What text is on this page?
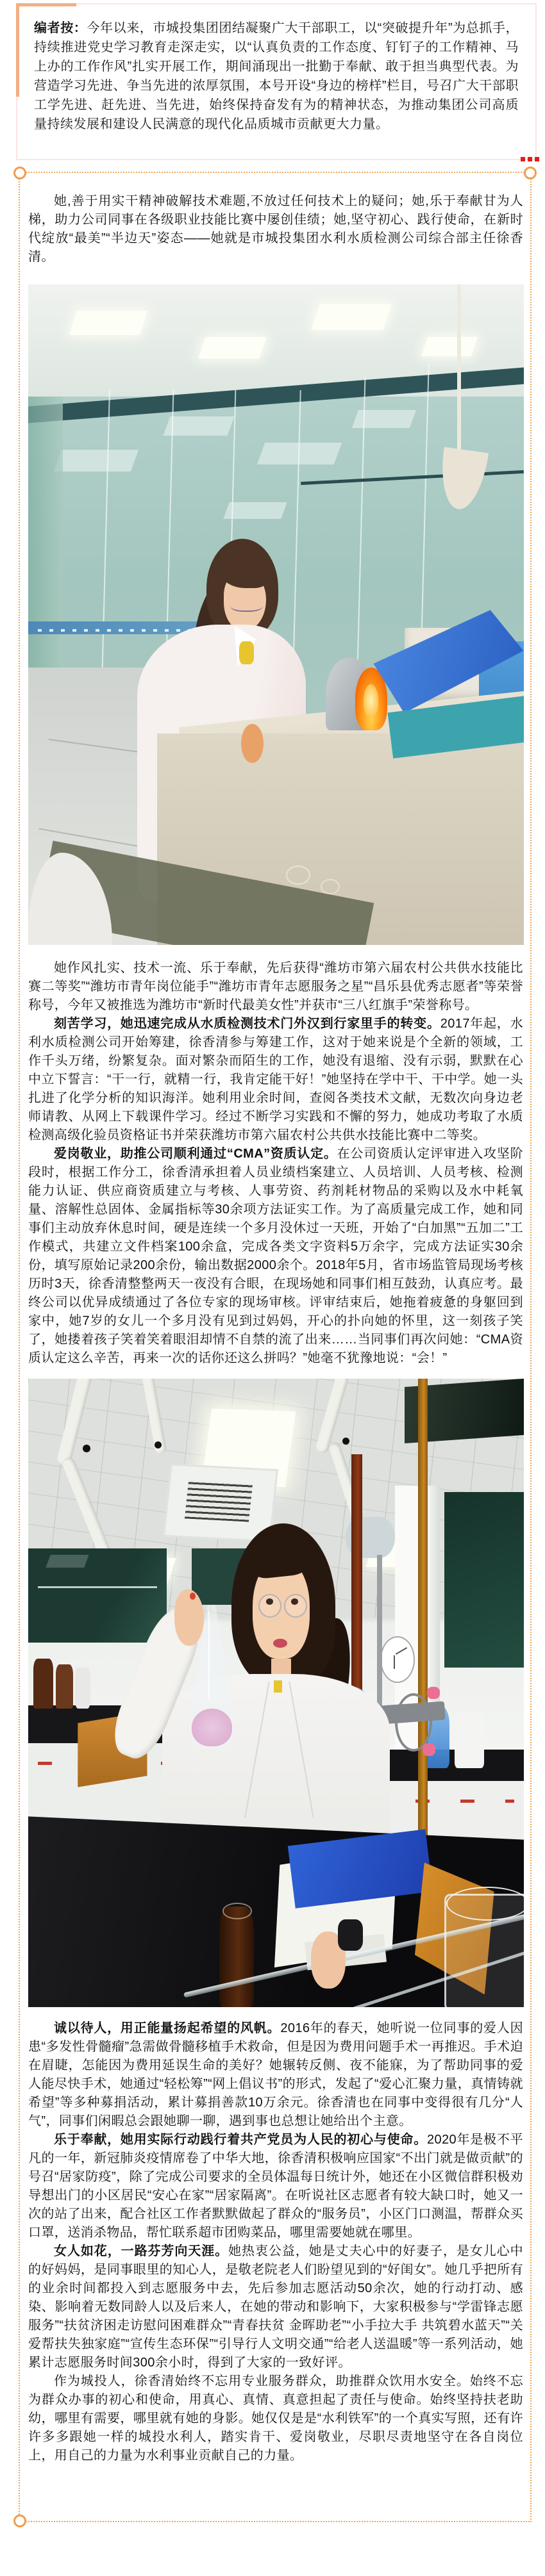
编者按：今年以来，市城投集团团结凝聚广大干部职工，以“突破提升年”为总抓手，持续推进党史学习教育走深走实，以“认真负责的工作态度、钉钉子的工作精神、马上办的工作作风”扎实开展工作，期间涌现出一批勤于奉献、敢于担当典型代表。为营造学习先进、争当先进的浓厚氛围，本号开设“身边的榜样”栏目，号召广大干部职工学先进、赶先进、当先进，始终保持奋发有为的精神状态，为推动集团公司高质量持续发展和建设人民满意的现代化品质城市贡献更大力量。

她,善于用实干精神破解技术难题,不放过任何技术上的疑问；她,乐于奉献甘为人梯，助力公司同事在各级职业技能比赛中屡创佳绩；她,坚守初心、践行使命，在新时代绽放“最美”“半边天”姿态——她就是市城投集团水利水质检测公司综合部主任徐香清。

她作风扎实、技术一流、乐于奉献，先后获得“潍坊市第六届农村公共供水技能比赛二等奖”“潍坊市青年岗位能手”“潍坊市青年志愿服务之星”“昌乐县优秀志愿者”等荣誉称号，今年又被推选为潍坊市“新时代最美女性”并获市“三八红旗手”荣誉称号。

刻苦学习，她迅速完成从水质检测技术门外汉到行家里手的转变。2017年起，水利水质检测公司开始筹建，徐香清参与筹建工作，这对于她来说是个全新的领域，工作千头万绪，纷繁复杂。面对繁杂而陌生的工作，她没有退缩、没有示弱，默默在心中立下誓言：“干一行，就精一行，我肯定能干好！”她坚持在学中干、干中学。她一头扎进了化学分析的知识海洋。她利用业余时间，查阅各类技术文献，无数次向身边老师请教、从网上下载课件学习。经过不断学习实践和不懈的努力，她成功考取了水质检测高级化验员资格证书并荣获潍坊市第六届农村公共供水技能比赛中二等奖。

爱岗敬业，助推公司顺利通过“CMA”资质认定。在公司资质认定评审进入攻坚阶段时，根据工作分工，徐香清承担着人员业绩档案建立、人员培训、人员考核、检测能力认证、供应商资质建立与考核、人事劳资、药剂耗材物品的采购以及水中耗氧量、溶解性总固体、金属指标等30余项方法证实工作。为了高质量完成工作，她和同事们主动放弃休息时间，硬是连续一个多月没休过一天班，开始了“白加黑”“五加二”工作模式，共建立文件档案100余盒，完成各类文字资料5万余字，完成方法证实30余份，填写原始记录200余份，输出数据2000余个。2018年5月，省市场监管局现场考核历时3天，徐香清整整两天一夜没有合眼，在现场她和同事们相互鼓劲，认真应考。最终公司以优异成绩通过了各位专家的现场审核。评审结束后，她拖着疲惫的身躯回到家中，她7岁的女儿一个多月没有见到过妈妈，开心的扑向她的怀里，这一刻孩子笑了，她搂着孩子笑着笑着眼泪却情不自禁的流了出来……当同事们再次问她：“CMA资质认定这么辛苦，再来一次的话你还这么拼吗？”她毫不犹豫地说：“会！”

诚以待人，用正能量扬起希望的风帆。2016年的春天，她听说一位同事的爱人因患“多发性骨髓瘤”急需做骨髓移植手术救命，但是因为费用问题手术一再推迟。手术迫在眉睫，怎能因为费用延误生命的美好？她辗转反侧、夜不能寐，为了帮助同事的爱人能尽快手术，她通过“轻松筹”“网上倡议书”的形式，发起了“爱心汇聚力量，真情铸就希望”等多种募捐活动，累计募捐善款10万余元。徐香清也在同事中变得很有几分“人气”，同事们闲暇总会跟她聊一聊，遇到事也总想让她给出个主意。

乐于奉献，她用实际行动践行着共产党员为人民的初心与使命。2020年是极不平凡的一年，新冠肺炎疫情席卷了中华大地，徐香清积极响应国家“不出门就是做贡献”的号召“居家防疫”，除了完成公司要求的全员体温每日统计外，她还在小区微信群积极劝导想出门的小区居民“安心在家”“居家隔离”。在听说社区志愿者有较大缺口时，她又一次的站了出来，配合社区工作者默默做起了群众的“服务员”，小区门口测温，帮群众买口罩，送消杀物品，帮忙联系超市团购菜品，哪里需要她就在哪里。

女人如花，一路芬芳向天涯。她热衷公益，她是丈夫心中的好妻子，是女儿心中的好妈妈，是同事眼里的知心人，是敬老院老人们盼望见到的“好闺女”。她几乎把所有的业余时间都投入到志愿服务中去，先后参加志愿活动50余次，她的行动打动、感染、影响着无数同龄人以及后来人，在她的带动和影响下，大家积极参与“学雷锋志愿服务”“扶贫济困走访慰问困难群众”“青春扶贫 金晖助老”“小手拉大手 共筑碧水蓝天”“关爱帮扶失独家庭”“宣传生态环保”“引导行人文明交通”“给老人送温暖”等一系列活动，她累计志愿服务时间300余小时，得到了大家的一致好评。

作为城投人，徐香清始终不忘用专业服务群众，助推群众饮用水安全。始终不忘为群众办事的初心和使命，用真心、真情、真意担起了责任与使命。始终坚持扶老助幼，哪里有需要，哪里就有她的身影。她仅仅是是“水利铁军”的一个真实写照，还有许许多多跟她一样的城投水利人，踏实肯干、爱岗敬业，尽职尽责地坚守在各自岗位上，用自己的力量为水利事业贡献自己的力量。
